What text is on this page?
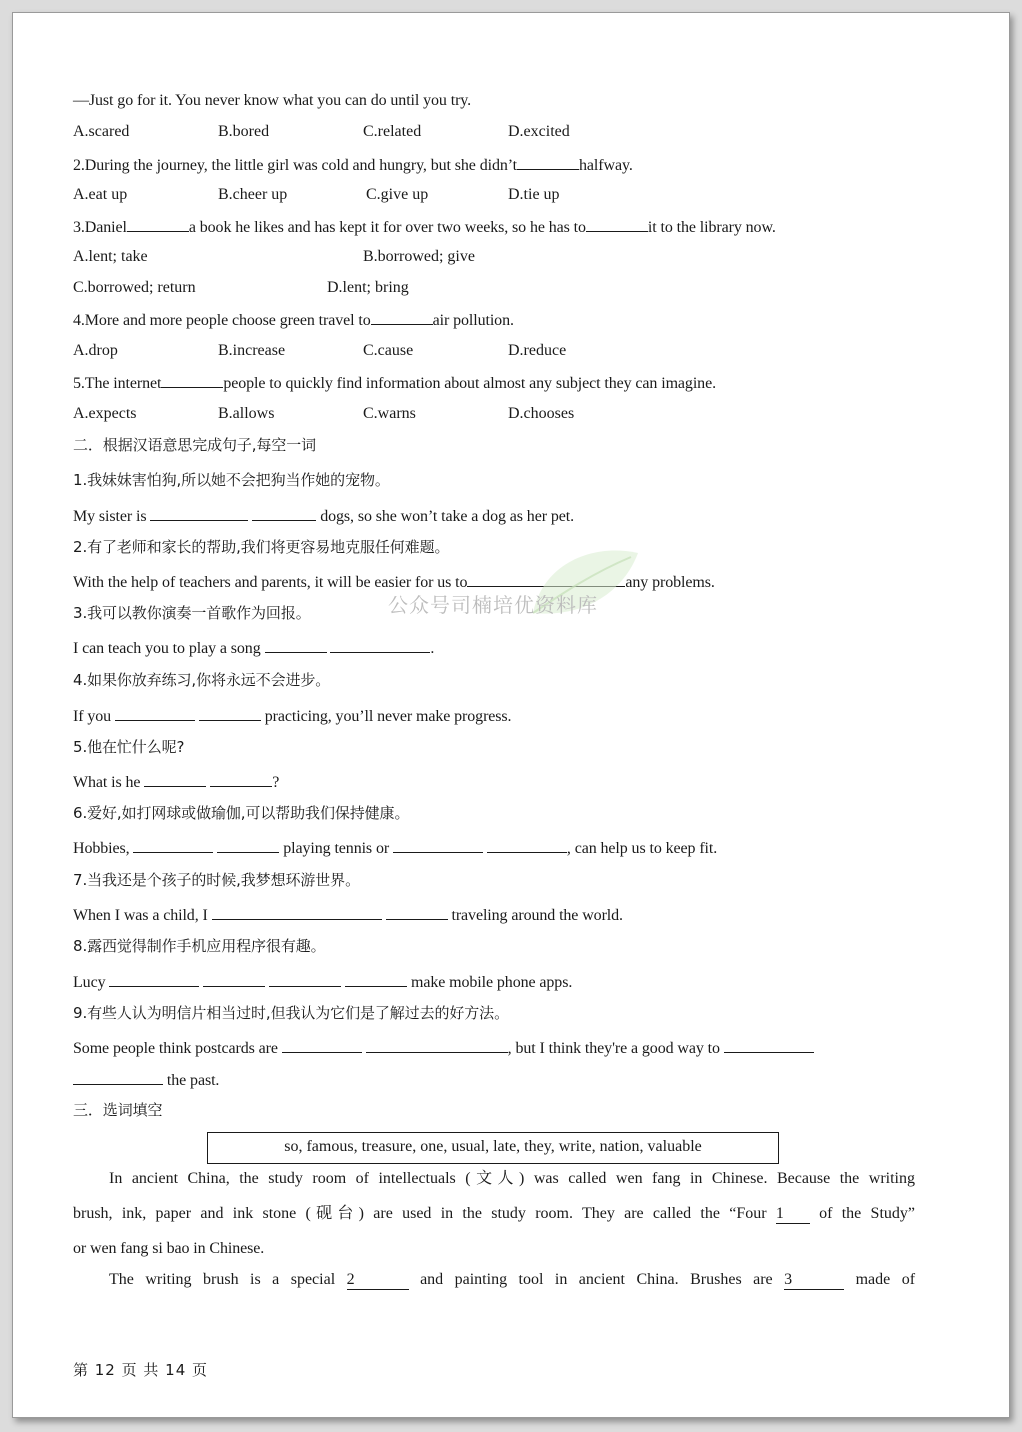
—Just go for it. You never know what you can do until you try.
A.scared	B.bored	C.related	D.excited
2.During the journey, the little girl was cold and hungry, but she didn’t	halfway.
A.eat up	B.cheer up	C.give up	D.tie up
3.Daniel	a book he likes and has kept it for over two weeks, so he has to	it to the library now.
A.lent; take	B.borrowed; give
C.borrowed; return	D.lent; bring
4.More and more people choose green travel to	air pollution.
A.drop	B.increase	C.cause	D.reduce
5.The internet	people to quickly find information about almost any subject they can imagine.
A.expects	B.allows	C.warns	D.chooses
二．根据汉语意思完成句子,每空一词
1.我妹妹害怕狗,所以她不会把狗当作她的宠物。
My sister is	dogs, so she won’t take a dog as her pet.
2.有了老师和家长的帮助,我们将更容易地克服任何难题。
With the help of teachers and parents, it will be easier for us to	any problems.
公众号司楠培优资料库
3.我可以教你演奏一首歌作为回报。
I can teach you to play a song	.
4.如果你放弃练习,你将永远不会进步。
If you	practicing, you’ll never make progress.
5.他在忙什么呢?
What is he	?
6.爱好,如打网球或做瑜伽,可以帮助我们保持健康。
Hobbies,	playing tennis or	, can help us to keep fit.
7.当我还是个孩子的时候,我梦想环游世界。
When I was a child, I	traveling around the world.
8.露西觉得制作手机应用程序很有趣。
Lucy	make mobile phone apps.
9.有些人认为明信片相当过时,但我认为它们是了解过去的好方法。
Some people think postcards are	, but I think they're a good way to
the past.
三．选词填空
so, famous, treasure, one, usual, late, they, write, nation, valuable
In ancient China, the study room of intellectuals (文人) was called wen fang in Chinese. Because the writing
brush, ink, paper and ink stone (砚台) are used in the study room. They are called the “Four 1 of the Study”
or wen fang si bao in Chinese.
The writing brush is a special 2	and painting tool in ancient China. Brushes are 3	made of
第 12 页 共 14 页
